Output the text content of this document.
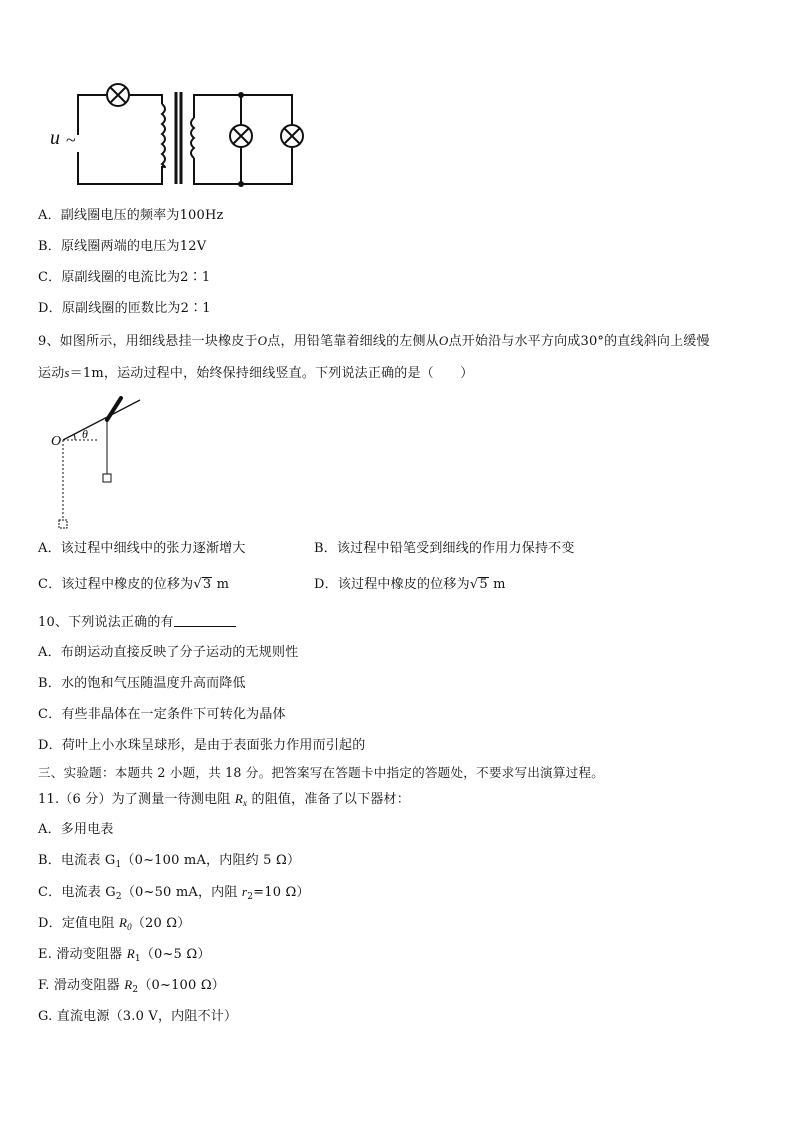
u ~
A．副线圈电压的频率为100Hz
B．原线圈两端的电压为12V
C．原副线圈的电流比为2∶1
D．原副线圈的匝数比为2∶1
9、如图所示，用细线悬挂一块橡皮于O点，用铅笔靠着细线的左侧从O点开始沿与水平方向成30°的直线斜向上缓慢
运动s＝1m，运动过程中，始终保持细线竖直。下列说法正确的是（　　）
O θ
A．该过程中细线中的张力逐渐增大	B．该过程中铅笔受到细线的作用力保持不变
C．该过程中橡皮的位移为√3 m	D．该过程中橡皮的位移为√5 m
10、下列说法正确的有
A．布朗运动直接反映了分子运动的无规则性
B．水的饱和气压随温度升高而降低
C．有些非晶体在一定条件下可转化为晶体
D．荷叶上小水珠呈球形，是由于表面张力作用而引起的
三、实验题：本题共 2 小题，共 18 分。把答案写在答题卡中指定的答题处，不要求写出演算过程。
11.（6 分）为了测量一待测电阻 $R_x$ 的阻值，准备了以下器材：
A．多用电表
B．电流表 $G_1(0\sim 100$ mA，内阻约 5 Ω）
C．电流表 $G_2(0\sim 50$ mA，内阻 $r_2=10$ Ω）
D．定值电阻 $R_0(20$ Ω）
E. 滑动变阻器 $R_1(0\sim 5$ Ω）
F. 滑动变阻器 $R_2(0\sim 100$ Ω）
G. 直流电源（3.0 V，内阻不计）
